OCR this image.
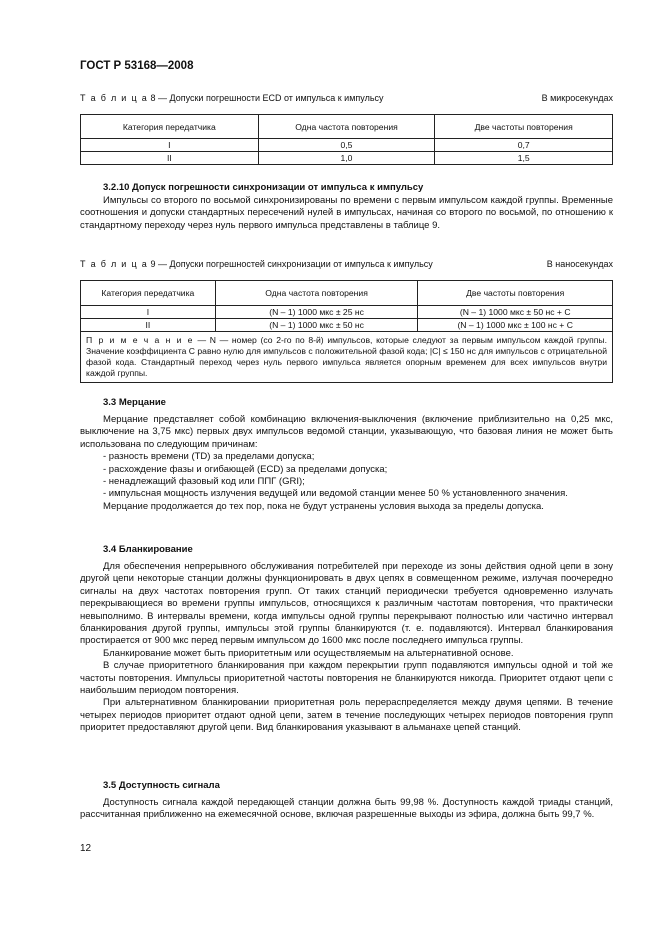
ГОСТ Р 53168—2008
Т а б л и ц а 8 — Допуски погрешности ECD от импульса к импульсу	В микросекундах
Категория передатчика	Одна частота повторения	Две частоты повторения
I	0,5	0,7
II	1,0	1,5
3.2.10 Допуск погрешности синхронизации от импульса к импульсу

Импульсы со второго по восьмой синхронизированы по времени с первым импульсом каждой группы. Временные соотношения и допуски стандартных пересечений нулей в импульсах, начиная со второго по восьмой, по отношению к стандартному переходу через нуль первого импульса представлены в таблице 9.

Т а б л и ц а 9 — Допуски погрешностей синхронизации от импульса к импульсу	В наносекундах
Категория передатчика	Одна частота повторения	Две частоты повторения
I	(N – 1) 1000 мкс ± 25 нс	(N – 1) 1000 мкс ± 50 нс + C
II	(N – 1) 1000 мкс ± 50 нс	(N – 1) 1000 мкс ± 100 нс + C
П р и м е ч а н и е — N — номер (со 2-го по 8-й) импульсов, которые следуют за первым импульсом каждой группы. Значение коэффициента C равно нулю для импульсов с положительной фазой кода; |C| ≤ 150 нс для импульсов с отрицательной фазой кода. Стандартный переход через нуль первого импульса является опорным временем для всех импульсов внутри каждой группы.		
3.3 Мерцание

Мерцание представляет собой комбинацию включения-выключения (включение приблизительно на 0,25 мкс, выключение на 3,75 мкс) первых двух импульсов ведомой станции, указывающую, что базовая линия не может быть использована по следующим причинам:

- разность времени (TD) за пределами допуска;

- расхождение фазы и огибающей (ECD) за пределами допуска;

- ненадлежащий фазовый код или ППГ (GRI);

- импульсная мощность излучения ведущей или ведомой станции менее 50 % установленного значения.

Мерцание продолжается до тех пор, пока не будут устранены условия выхода за пределы допуска.

3.4 Бланкирование

Для обеспечения непрерывного обслуживания потребителей при переходе из зоны действия одной цепи в зону другой цепи некоторые станции должны функционировать в двух цепях в совмещенном режиме, излучая поочередно сигналы на двух частотах повторения групп. От таких станций периодически требуется одновременно излучать перекрывающиеся во времени группы импульсов, относящихся к различным частотам повторения, что практически невыполнимо. В интервалы времени, когда импульсы одной группы перекрывают полностью или частично интервал бланкирования другой группы, импульсы этой группы бланкируются (т. е. подавляются). Интервал бланкирования простирается от 900 мкс перед первым импульсом до 1600 мкс после последнего импульса группы.

Бланкирование может быть приоритетным или осуществляемым на альтернативной основе.

В случае приоритетного бланкирования при каждом перекрытии групп подавляются импульсы одной и той же частоты повторения. Импульсы приоритетной частоты повторения не бланкируются никогда. Приоритет отдают цепи с наибольшим периодом повторения.

При альтернативном бланкировании приоритетная роль перераспределяется между двумя цепями. В течение четырех периодов приоритет отдают одной цепи, затем в течение последующих четырех периодов повторения групп приоритет предоставляют другой цепи. Вид бланкирования указывают в альманахе цепей станций.

3.5 Доступность сигнала

Доступность сигнала каждой передающей станции должна быть 99,98 %. Доступность каждой триады станций, рассчитанная приближенно на ежемесячной основе, включая разрешенные выходы из эфира, должна быть 99,7 %.

12
